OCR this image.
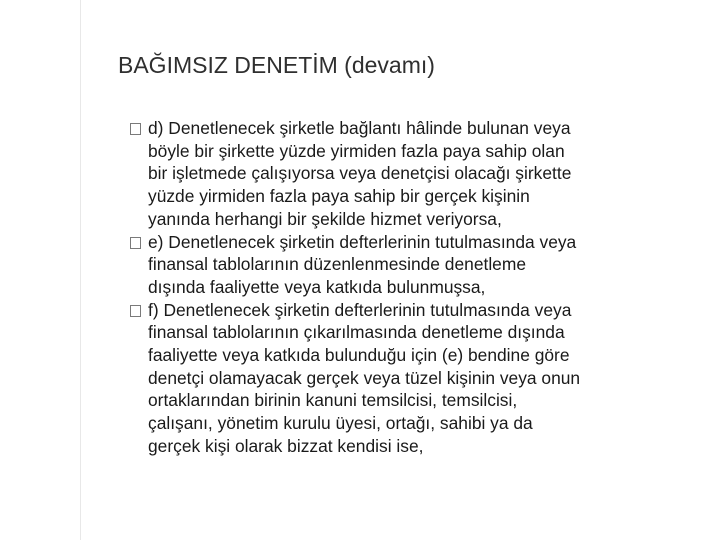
BAĞIMSIZ DENETİM (devamı)
d) Denetlenecek şirketle bağlantı hâlinde bulunan veya
böyle bir şirkette yüzde yirmiden fazla paya sahip olan
bir işletmede çalışıyorsa veya denetçisi olacağı şirkette
yüzde yirmiden fazla paya sahip bir gerçek kişinin
yanında herhangi bir şekilde hizmet veriyorsa,
e) Denetlenecek şirketin defterlerinin tutulmasında veya
finansal tablolarının düzenlenmesinde denetleme
dışında faaliyette veya katkıda bulunmuşsa,
f) Denetlenecek şirketin defterlerinin tutulmasında veya
finansal tablolarının çıkarılmasında denetleme dışında
faaliyette veya katkıda bulunduğu için (e) bendine göre
denetçi olamayacak gerçek veya tüzel kişinin veya onun
ortaklarından birinin kanuni temsilcisi, temsilcisi,
çalışanı, yönetim kurulu üyesi, ortağı, sahibi ya da
gerçek kişi olarak bizzat kendisi ise,
